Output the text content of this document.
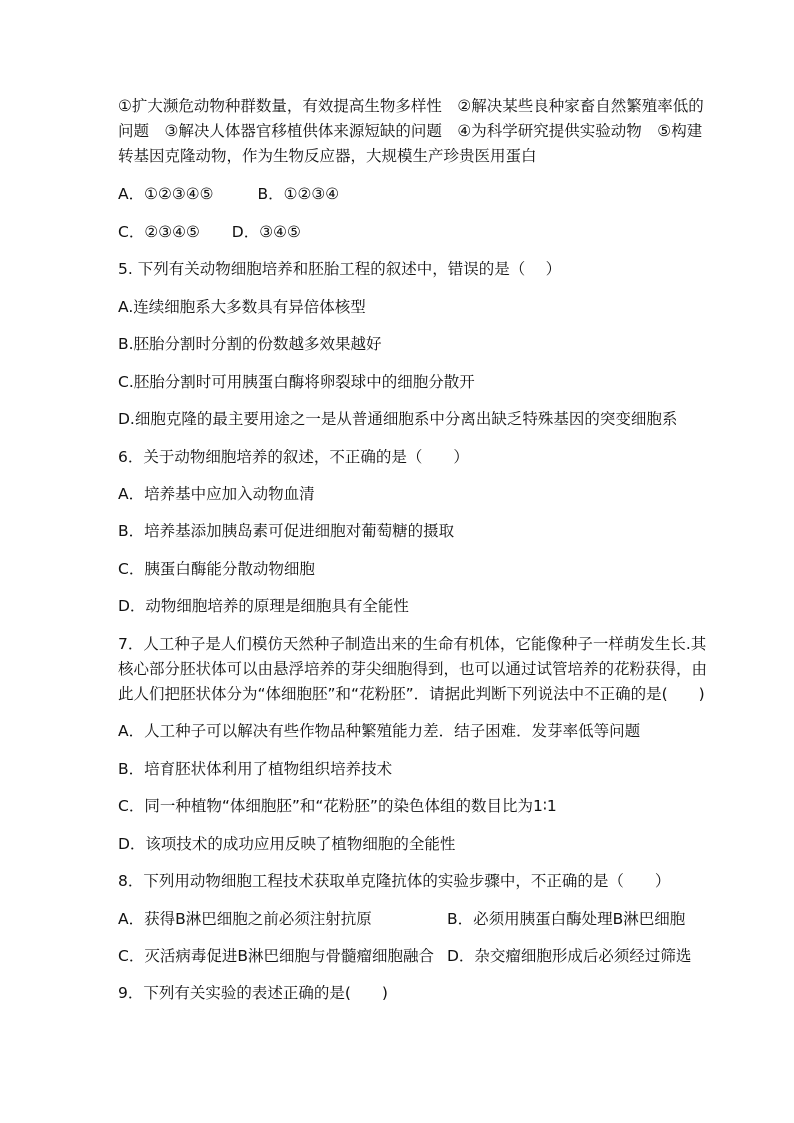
①扩大濒危动物种群数量，有效提高生物多样性　②解决某些良种家畜自然繁殖率低的
问题　③解决人体器官移植供体来源短缺的问题　④为科学研究提供实验动物　⑤构建
转基因克隆动物，作为生物反应器，大规模生产珍贵医用蛋白
A．①②③④⑤	B．①②③④
C．②③④⑤ D．③④⑤
5. 下列有关动物细胞培养和胚胎工程的叙述中，错误的是（　 ）
A.连续细胞系大多数具有异倍体核型
B.胚胎分割时分割的份数越多效果越好
C.胚胎分割时可用胰蛋白酶将卵裂球中的细胞分散开
D.细胞克隆的最主要用途之一是从普通细胞系中分离出缺乏特殊基因的突变细胞系
6．关于动物细胞培养的叙述，不正确的是（　　）
A．培养基中应加入动物血清
B．培养基添加胰岛素可促进细胞对葡萄糖的摄取
C．胰蛋白酶能分散动物细胞
D．动物细胞培养的原理是细胞具有全能性
7．人工种子是人们模仿天然种子制造出来的生命有机体，它能像种子一样萌发生长.其
核心部分胚状体可以由悬浮培养的芽尖细胞得到，也可以通过试管培养的花粉获得，由
此人们把胚状体分为“体细胞胚”和“花粉胚”．请据此判断下列说法中不正确的是(　　)
A．人工种子可以解决有些作物品种繁殖能力差．结子困难．发芽率低等问题
B．培育胚状体利用了植物组织培养技术
C．同一种植物“体细胞胚”和“花粉胚”的染色体组的数目比为1∶1
D．该项技术的成功应用反映了植物细胞的全能性
8．下列用动物细胞工程技术获取单克隆抗体的实验步骤中，不正确的是（　　）
A．获得B淋巴细胞之前必须注射抗原	B．必须用胰蛋白酶处理B淋巴细胞
C．灭活病毒促进B淋巴细胞与骨髓瘤细胞融合 D．杂交瘤细胞形成后必须经过筛选
9．下列有关实验的表述正确的是(　　)
